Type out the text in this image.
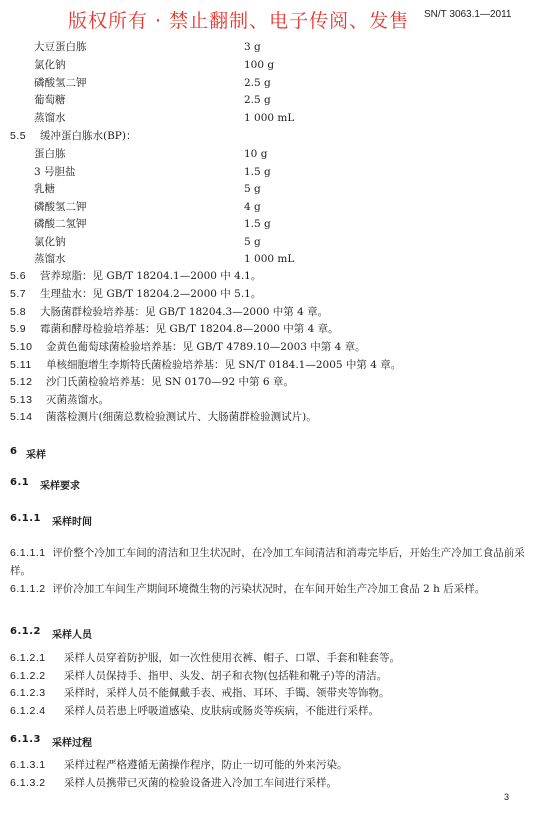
版权所有 · 禁止翻制、电子传阅、发售 SN/T 3063.1—2011
大豆蛋白胨	3 g
氯化钠	100 g
磷酸氢二钾	2.5 g
葡萄糖	2.5 g
蒸馏水	1 000 mL
5.5 缓冲蛋白胨水(BP)：
蛋白胨	10 g
3 号胆盐	1.5 g
乳糖	5 g
磷酸氢二钾	4 g
磷酸二氢钾	1.5 g
氯化钠	5 g
蒸馏水	1 000 mL
5.6 营养琼脂：见 GB/T 18204.1—2000 中 4.1。
5.7 生理盐水：见 GB/T 18204.2—2000 中 5.1。
5.8 大肠菌群检验培养基：见 GB/T 18204.3—2000 中第 4 章。
5.9 霉菌和酵母检验培养基：见 GB/T 18204.8—2000 中第 4 章。
5.10 金黄色葡萄球菌检验培养基：见 GB/T 4789.10—2003 中第 4 章。
5.11 单核细胞增生李斯特氏菌检验培养基：见 SN/T 0184.1—2005 中第 4 章。
5.12 沙门氏菌检验培养基：见 SN 0170—92 中第 6 章。
5.13 灭菌蒸馏水。
5.14 菌落检测片(细菌总数检验测试片、大肠菌群检验测试片)。
6 采样
6.1 采样要求
6.1.1 采样时间
6.1.1.1 评价整个冷加工车间的清洁和卫生状况时，在冷加工车间清洁和消毒完毕后，开始生产冷加工食品前采样。
6.1.1.2 评价冷加工车间生产期间环境微生物的污染状况时，在车间开始生产冷加工食品 2 h 后采样。
6.1.2 采样人员
6.1.2.1 采样人员穿着防护服，如一次性使用衣裤、帽子、口罩、手套和鞋套等。
6.1.2.2 采样人员保持手、指甲、头发、胡子和衣物(包括鞋和靴子)等的清洁。
6.1.2.3 采样时，采样人员不能佩戴手表、戒指、耳环、手镯、领带夹等饰物。
6.1.2.4 采样人员若患上呼吸道感染、皮肤病或肠炎等疾病，不能进行采样。
6.1.3 采样过程
6.1.3.1 采样过程严格遵循无菌操作程序，防止一切可能的外来污染。
6.1.3.2 采样人员携带已灭菌的检验设备进入冷加工车间进行采样。
3
